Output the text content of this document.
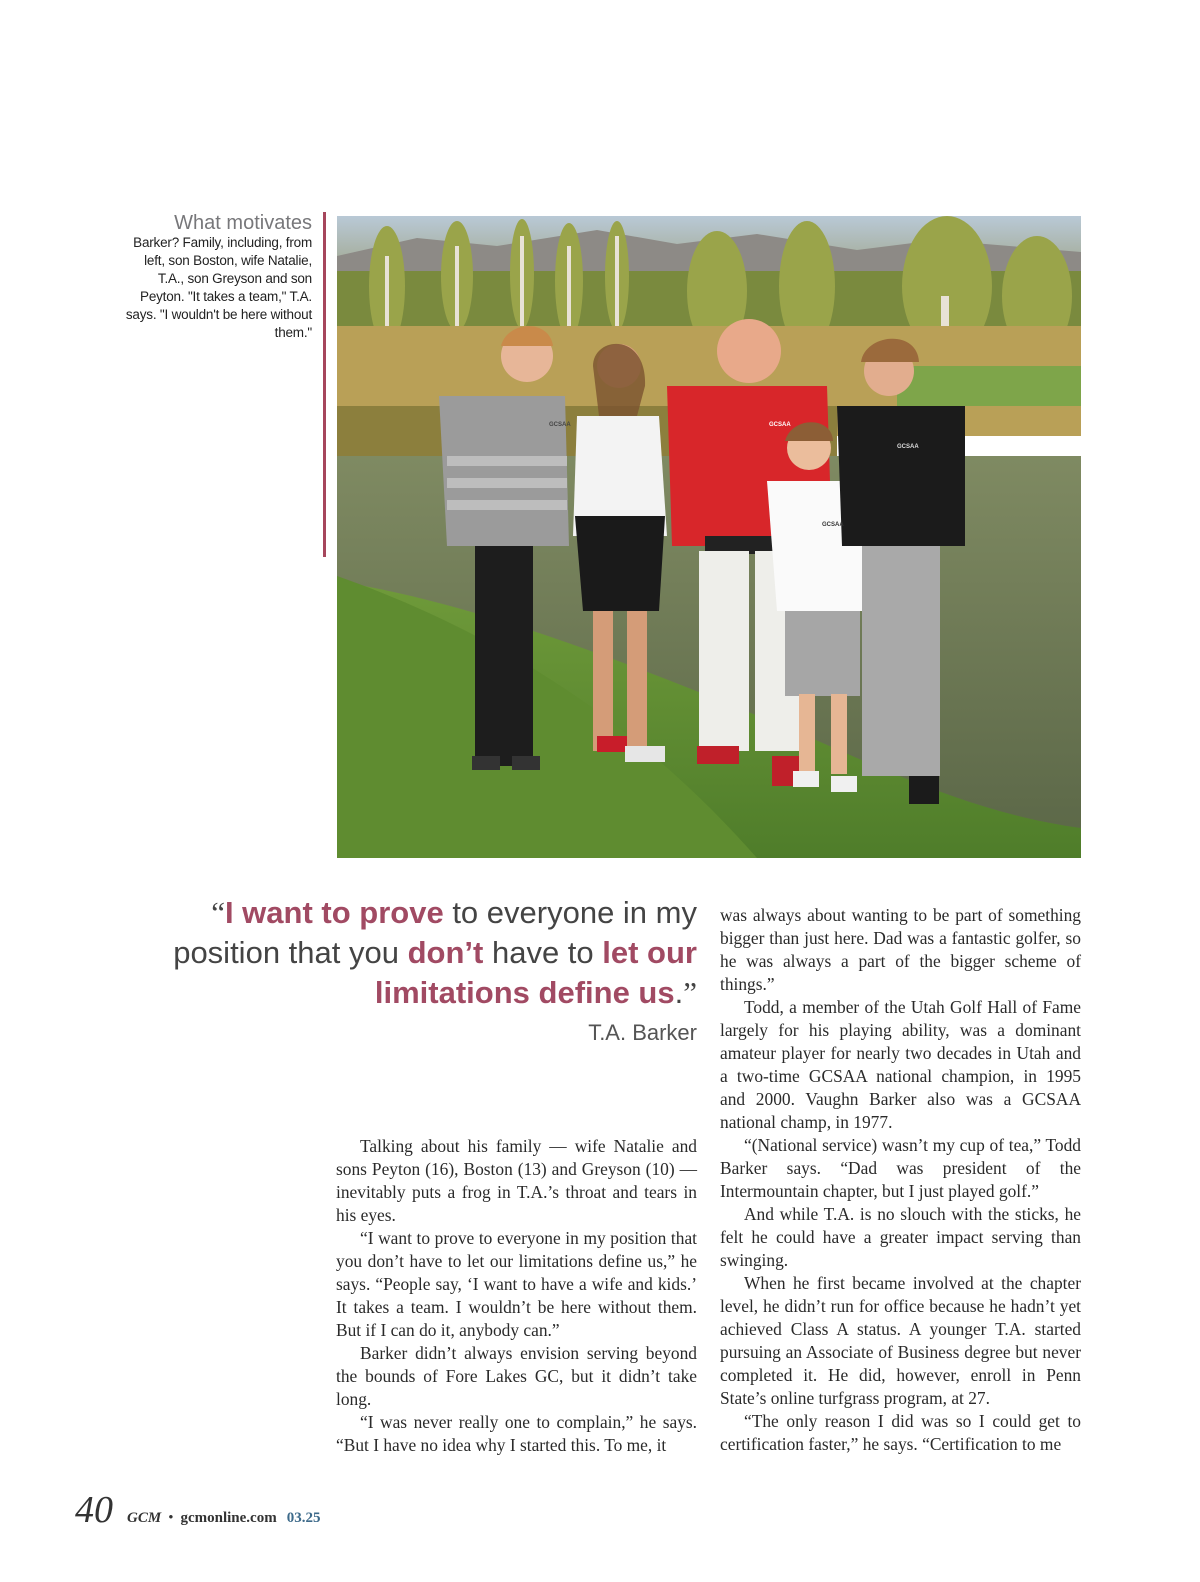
What motivates
Barker? Family, including, from left, son Boston, wife Natalie, T.A., son Greyson and son Peyton. "It takes a team," T.A. says. "I wouldn't be here without them."
GCSAA	GCSAA
GCSAA
GCSAA
“I want to prove to everyone in my position that you don’t have to let our limitations define us.”
T.A. Barker

Talking about his family — wife Natalie and sons Peyton (16), Boston (13) and Greyson (10) — inevitably puts a frog in T.A.’s throat and tears in his eyes.

“I want to prove to everyone in my position that you don’t have to let our limitations define us,” he says. “People say, ‘I want to have a wife and kids.’ It takes a team. I wouldn’t be here without them. But if I can do it, anybody can.”

Barker didn’t always envision serving beyond the bounds of Fore Lakes GC, but it didn’t take long.

“I was never really one to complain,” he says. “But I have no idea why I started this. To me, it

was always about wanting to be part of something bigger than just here. Dad was a fantastic golfer, so he was always a part of the bigger scheme of things.”

Todd, a member of the Utah Golf Hall of Fame largely for his playing ability, was a dominant amateur player for nearly two decades in Utah and a two-time GCSAA national champion, in 1995 and 2000. Vaughn Barker also was a GCSAA national champ, in 1977.

“(National service) wasn’t my cup of tea,” Todd Barker says. “Dad was president of the Intermountain chapter, but I just played golf.”

And while T.A. is no slouch with the sticks, he felt he could have a greater impact serving than swinging.

When he first became involved at the chapter level, he didn’t run for office because he hadn’t yet achieved Class A status. A younger T.A. started pursuing an Associate of Business degree but never completed it. He did, however, enroll in Penn State’s online turfgrass program, at 27.

“The only reason I did was so I could get to certification faster,” he says. “Certification to me

40 GCM • gcmonline.com 03.25
